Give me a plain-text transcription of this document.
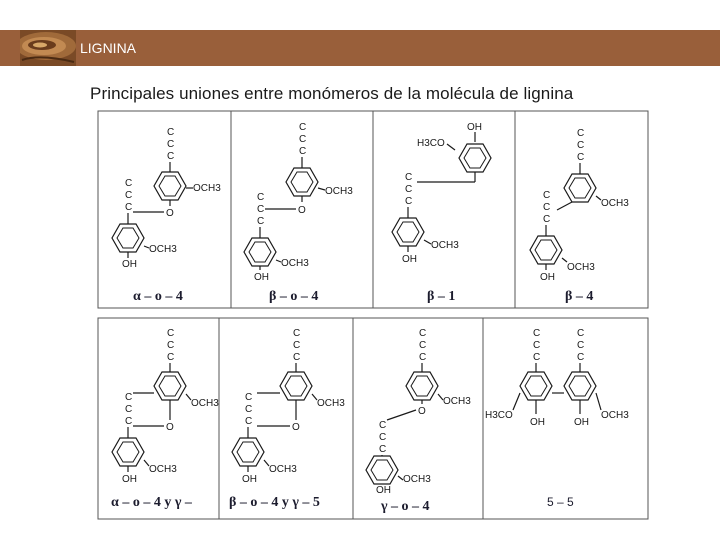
LIGNINA
Principales uniones entre monómeros de la molécula de lignina
C
C
C
OCH3
O
C
C
C
OCH3
OH
α – o – 4
C
C
C
OCH3
O
C
C
C
OCH3
OH
β – o – 4
H3CO
OH
C
C
C
OCH3
OH
β – 1
C
C
C
OCH3
C
C
C
OCH3
OH
β – 4
C
C
C
OCH3
O
C
C
C
OCH3
OH
α – o – 4 y γ –
C
C
C
OCH3
O
C
C
C
OCH3
OH
β – o – 4 y γ – 5
C
C
C
OCH3
O
C
C
C
OCH3
OH
γ – o – 4
C
C
C
C
C
C
H3CO	OCH3
OH	OH
5 – 5
